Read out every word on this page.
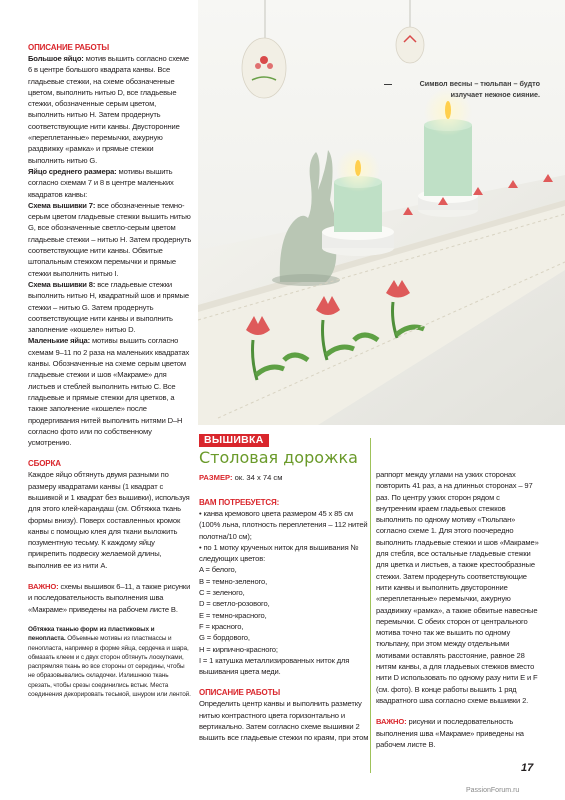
ОПИСАНИЕ РАБОТЫ

Большое яйцо: мотив вышить согласно схеме 6 в центре большого квадрата канвы. Все гладьевые стежки, на схеме обозначенные цветом, выполнить нитью D, все гладьевые стежки, обозначенные серым цветом, выполнить нитью H. Затем продернуть соответствующие нити канвы. Двусторонние «переплетанные» перемычки, ажурную раздвижку «рамка» и прямые стежки выполнить нитью G.

Яйцо среднего размера: мотивы вышить согласно схемам 7 и 8 в центре маленьких квадратов канвы:

Схема вышивки 7: все обозначенные темно-серым цветом гладьевые стежки вышить нитью G, все обозначенные светло-серым цветом гладьевые стежки – нитью H. Затем продернуть соответствующие нити канвы. Обвитые штопальным стежком перемычки и прямые стежки выполнить нитью I.

Схема вышивки 8: все гладьевые стежки выполнить нитью H, квадратный шов и прямые стежки – нитью G. Затем продернуть соответствующие нити канвы и выполнить заполнение «кошеле» нитью D.

Маленькие яйца: мотивы вышить согласно схемам 9–11 по 2 раза на маленьких квадратах канвы. Обозначенные на схеме серым цветом гладьевые стежки и шов «Макраме» для листьев и стеблей выполнить нитью C. Все гладьевые и прямые стежки для цветков, а также заполнение «кошеле» после продергивания нитей выполнить нитями D–H согласно фото или по собственному усмотрению.

СБОРКА

Каждое яйцо обтянуть двумя разными по размеру квадратами канвы (1 квадрат с вышивкой и 1 квадрат без вышивки), используя для этого клей-карандаш (см. Обтяжка ткань формы внизу). Поверх составленных кромок канвы с помощью клея для ткани выложить позументную тесьму. К каждому яйцу прикрепить подвеску желаемой длины, выполнив ее из нити A.

ВАЖНО: схемы вышивок 6–11, а также рисунки и последовательность выполнения шва «Макраме» приведены на рабочем листе B.

Обтяжка тканью форм из пластиковых и пенопласта. Объемные мотивы из пластмассы и пенопласта, например в форме яйца, сердечка и шара, обмазать клеем и с двух сторон обтянуть лоскутками, распрямляя ткань во все стороны от середины, чтобы не образовывались складочки. Излишнюю ткань срезать, чтобы срезы соединились встык. Места соединения декорировать тесьмой, шнуром или лентой.

Символ весны – тюльпан – будто излучает нежное сияние.
ВЫШИВКА
Столовая дорожка
РАЗМЕР: ок. 34 х 74 см

ВАМ ПОТРЕБУЕТСЯ:

• канва кремового цвета размером 45 x 85 см (100% льна, плотность переплетения – 112 нитей полотна/10 см);

• по 1 мотку крученых ниток для вышивания № следующих цветов:

A = белого,

B = темно-зеленого,

C = зеленого,

D = светло-розового,

E = темно-красного,

F = красного,

G = бордового,

H = кирпично-красного;

I = 1 катушка металлизированных ниток для вышивания цвета меди.

ОПИСАНИЕ РАБОТЫ

Определить центр канвы и выполнить разметку нитью контрастного цвета горизонтально и вертикально. Затем согласно схеме вышивки 2 вышить все гладьевые стежки по краям, при этом

раппорт между углами на узких сторонах повторить 41 раз, а на длинных сторонах – 97 раз. По центру узких сторон рядом с внутренним краем гладьевых стежков выполнить по одному мотиву «Тюльпан» согласно схеме 1. Для этого поочередно выполнить гладьевые стежки и шов «Макраме» для стебля, все остальные гладьевые стежки для цветка и листьев, а также крестообразные стежки. Затем продернуть соответствующие нити канвы и выполнить двусторонние «переплетанные» перемычки, ажурную раздвижку «рамка», а также обвитые навесные перемычки. С обеих сторон от центрального мотива точно так же вышить по одному тюльпану, при этом между отдельными мотивами оставлять расстояние, равное 28 нитям канвы, а для гладьевых стежков вместо нити D использовать по одному разу нити E и F (см. фото). В конце работы вышить 1 ряд квадратного шва согласно схеме вышивки 2.

ВАЖНО: рисунки и последовательность выполнения шва «Макраме» приведены на рабочем листе B.

17
PassionForum.ru
